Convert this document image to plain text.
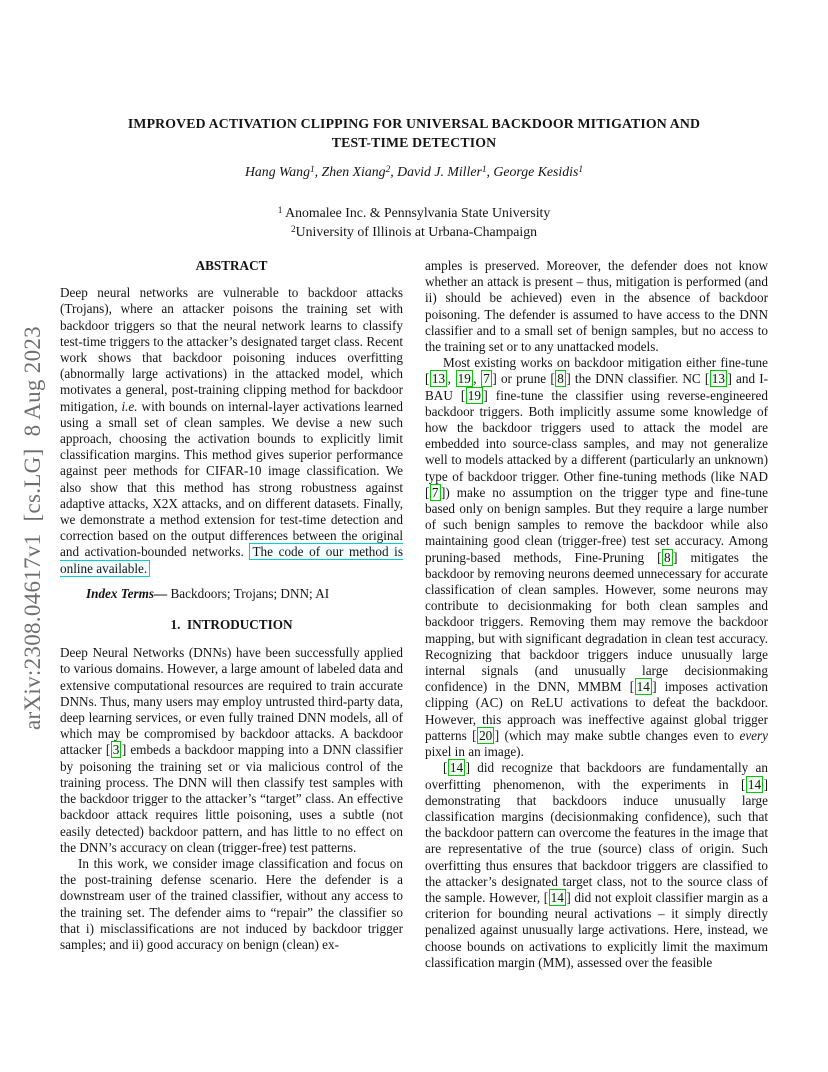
arXiv:2308.04617v1  [cs.LG]  8 Aug 2023
IMPROVED ACTIVATION CLIPPING FOR UNIVERSAL BACKDOOR MITIGATION AND
TEST-TIME DETECTION
Hang Wang$^1$, Zhen Xiang$^2$, David J. Miller$^1$, George Kesidis$^1$
$^1$ Anomalee Inc. & Pennsylvania State University
$^2$University of Illinois at Urbana-Champaign
ABSTRACT

Deep neural networks are vulnerable to backdoor attacks (Trojans), where an attacker poisons the training set with backdoor triggers so that the neural network learns to classify test-time triggers to the attacker’s designated target class. Recent work shows that backdoor poisoning induces overfitting (abnormally large activations) in the attacked model, which motivates a general, post-training clipping method for backdoor mitigation, i.e. with bounds on internal-layer activations learned using a small set of clean samples. We devise a new such approach, choosing the activation bounds to explicitly limit classification margins. This method gives superior performance against peer methods for CIFAR-10 image classification. We also show that this method has strong robustness against adaptive attacks, X2X attacks, and on different datasets. Finally, we demonstrate a method extension for test-time detection and correction based on the output differences between the original and activation-bounded networks. The code of our method is online available.

Index Terms— Backdoors; Trojans; DNN; AI

1.  INTRODUCTION

Deep Neural Networks (DNNs) have been successfully applied to various domains. However, a large amount of labeled data and extensive computational resources are required to train accurate DNNs. Thus, many users may employ untrusted third-party data, deep learning services, or even fully trained DNN models, all of which may be compromised by backdoor attacks. A backdoor attacker [ 3 ] embeds a backdoor mapping into a DNN classifier by poisoning the training set or via malicious control of the training process. The DNN will then classify test samples with the backdoor trigger to the attacker’s “target” class. An effective backdoor attack requires little poisoning, uses a subtle (not easily detected) backdoor pattern, and has little to no effect on the DNN’s accuracy on clean (trigger-free) test patterns.

In this work, we consider image classification and focus on the post-training defense scenario. Here the defender is a downstream user of the trained classifier, without any access to the training set. The defender aims to “repair” the classifier so that i) misclassifications are not induced by backdoor trigger samples; and ii) good accuracy on benign (clean) ex-

amples is preserved. Moreover, the defender does not know whether an attack is present – thus, mitigation is performed (and ii) should be achieved) even in the absence of backdoor poisoning. The defender is assumed to have access to the DNN classifier and to a small set of benign samples, but no access to the training set or to any unattacked models.

Most existing works on backdoor mitigation either fine-tune [ 13 , 19 , 7 ] or prune [ 8 ] the DNN classifier. NC [ 13 ] and I-BAU [ 19 ] fine-tune the classifier using reverse-engineered backdoor triggers. Both implicitly assume some knowledge of how the backdoor triggers used to attack the model are embedded into source-class samples, and may not generalize well to models attacked by a different (particularly an unknown) type of backdoor trigger. Other fine-tuning methods (like NAD [ 7 ]) make no assumption on the trigger type and fine-tune based only on benign samples. But they require a large number of such benign samples to remove the backdoor while also maintaining good clean (trigger-free) test set accuracy. Among pruning-based methods, Fine-Pruning [ 8 ] mitigates the backdoor by removing neurons deemed unnecessary for accurate classification of clean samples. However, some neurons may contribute to decisionmaking for both clean samples and backdoor triggers. Removing them may remove the backdoor mapping, but with significant degradation in clean test accuracy. Recognizing that backdoor triggers induce unusually large internal signals (and unusually large decisionmaking confidence) in the DNN, MMBM [ 14 ] imposes activation clipping (AC) on ReLU activations to defeat the backdoor. However, this approach was ineffective against global trigger patterns [ 20 ] (which may make subtle changes even to every pixel in an image).

[ 14 ] did recognize that backdoors are fundamentally an overfitting phenomenon, with the experiments in [ 14 ] demonstrating that backdoors induce unusually large classification margins (decisionmaking confidence), such that the backdoor pattern can overcome the features in the image that are representative of the true (source) class of origin. Such overfitting thus ensures that backdoor triggers are classified to the attacker’s designated target class, not to the source class of the sample. However, [ 14 ] did not exploit classifier margin as a criterion for bounding neural activations – it simply directly penalized against unusually large activations. Here, instead, we choose bounds on activations to explicitly limit the maximum classification margin (MM), assessed over the feasible
